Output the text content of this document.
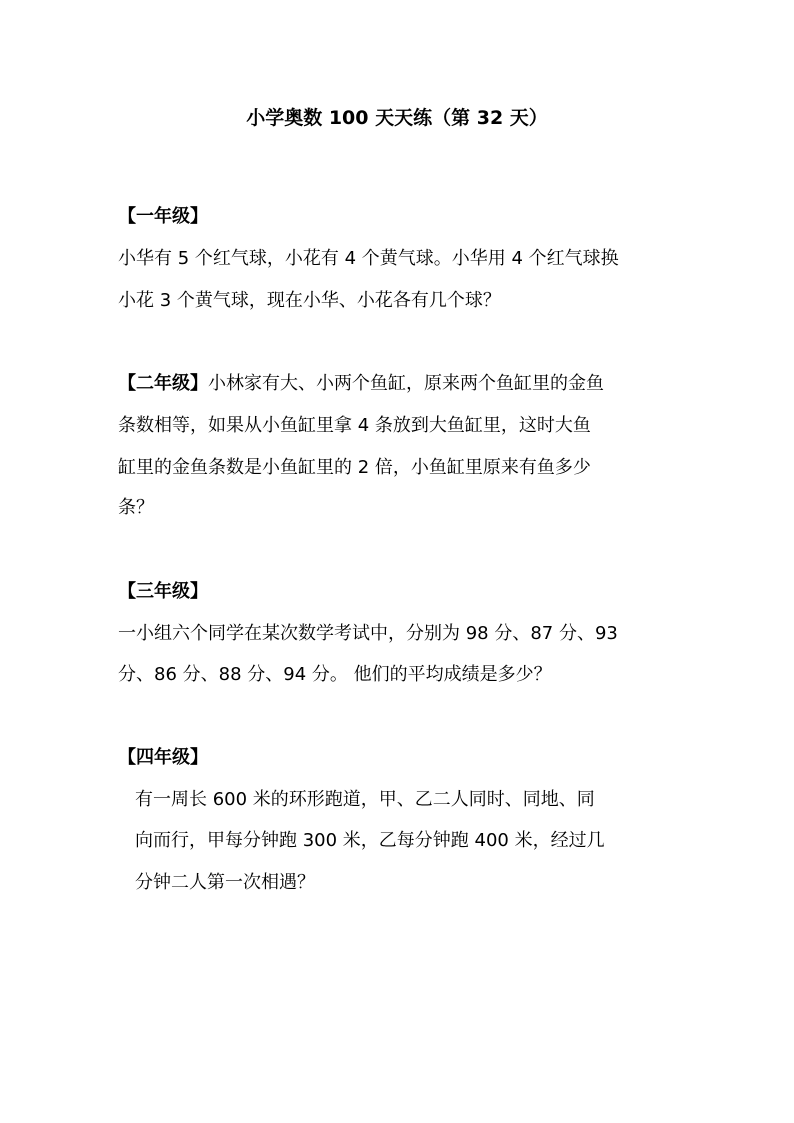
小学奥数 100 天天练（第 32 天）
【一年级】
小华有 5 个红气球，小花有 4 个黄气球。小华用 4 个红气球换
小花 3 个黄气球，现在小华、小花各有几个球？
【二年级】小林家有大、小两个鱼缸，原来两个鱼缸里的金鱼
条数相等，如果从小鱼缸里拿 4 条放到大鱼缸里，这时大鱼
缸里的金鱼条数是小鱼缸里的 2 倍，小鱼缸里原来有鱼多少
条？
【三年级】
一小组六个同学在某次数学考试中，分别为 98 分、87 分、93
分、86 分、88 分、94 分。 他们的平均成绩是多少？
【四年级】
有一周长 600 米的环形跑道，甲、乙二人同时、同地、同
向而行，甲每分钟跑 300 米，乙每分钟跑 400 米，经过几
分钟二人第一次相遇？
